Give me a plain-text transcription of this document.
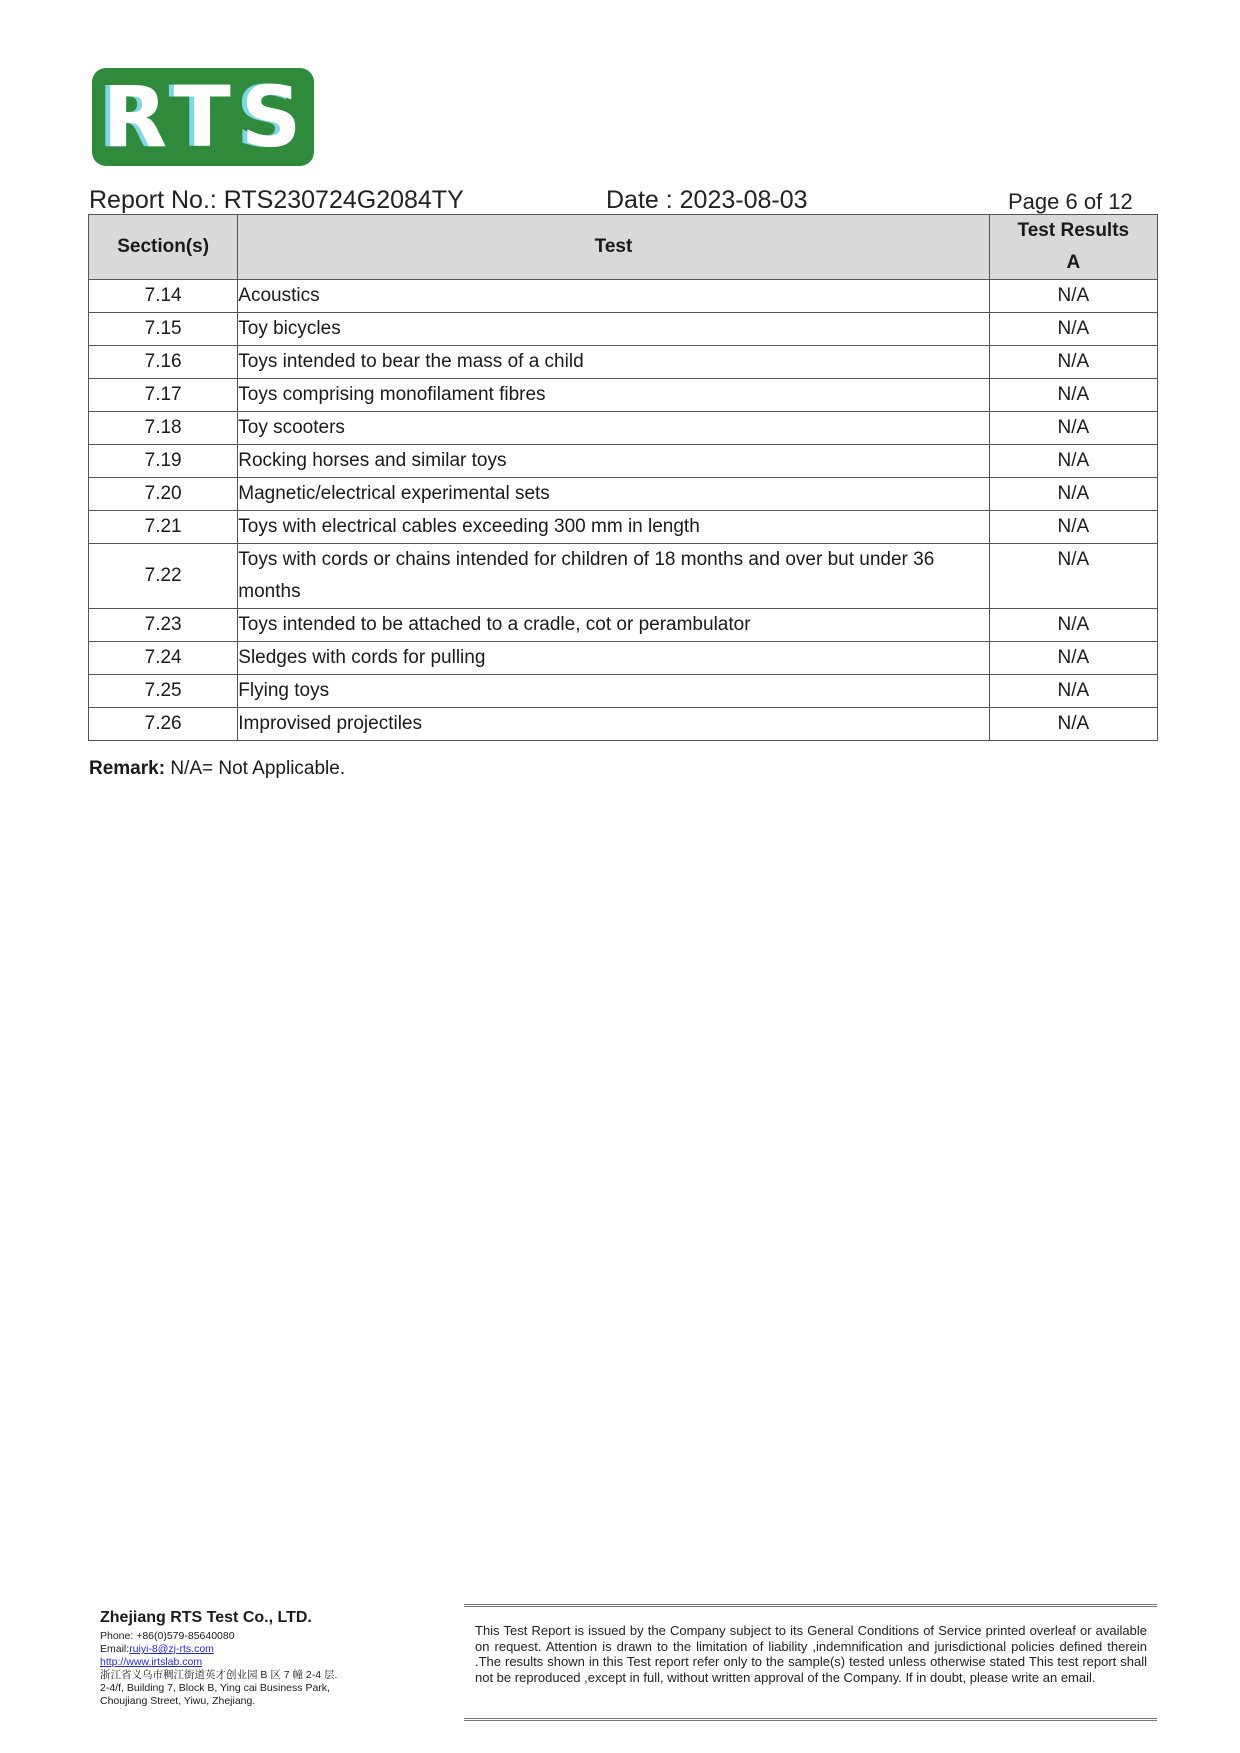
RTS
Report No.: RTS230724G2084TY	Date : 2023-08-03	Page 6 of 12
Section(s)	Test	Test Results
A

7.14	Acoustics	N/A
7.15	Toy bicycles	N/A
7.16	Toys intended to bear the mass of a child	N/A
7.17	Toys comprising monofilament fibres	N/A
7.18	Toy scooters	N/A
7.19	Rocking horses and similar toys	N/A
7.20	Magnetic/electrical experimental sets	N/A
7.21	Toys with electrical cables exceeding 300 mm in length	N/A
7.22	Toys with cords or chains intended for children of 18 months and over but under 36 months	N/A
7.23	Toys intended to be attached to a cradle, cot or perambulator	N/A
7.24	Sledges with cords for pulling	N/A
7.25	Flying toys	N/A
7.26	Improvised projectiles	N/A
Remark: N/A= Not Applicable.
Zhejiang RTS Test Co., LTD.
Phone: +86(0)579-85640080
Email:ruiyi-8@zj-rts.com
http://www.irtslab.com
浙江省义乌市稠江街道英才创业园 B 区 7 幢 2-4 层.
2-4/f, Building 7, Block B, Ying cai Business Park,
Choujiang Street, Yiwu, Zhejiang.
This Test Report is issued by the Company subject to its General Conditions of Service printed overleaf or available on request. Attention is drawn to the limitation of liability ,indemnification and jurisdictional policies defined therein .The results shown in this Test report refer only to the sample(s) tested unless otherwise stated This test report shall not be reproduced ,except in full, without written approval of the Company. If in doubt, please write an email.
